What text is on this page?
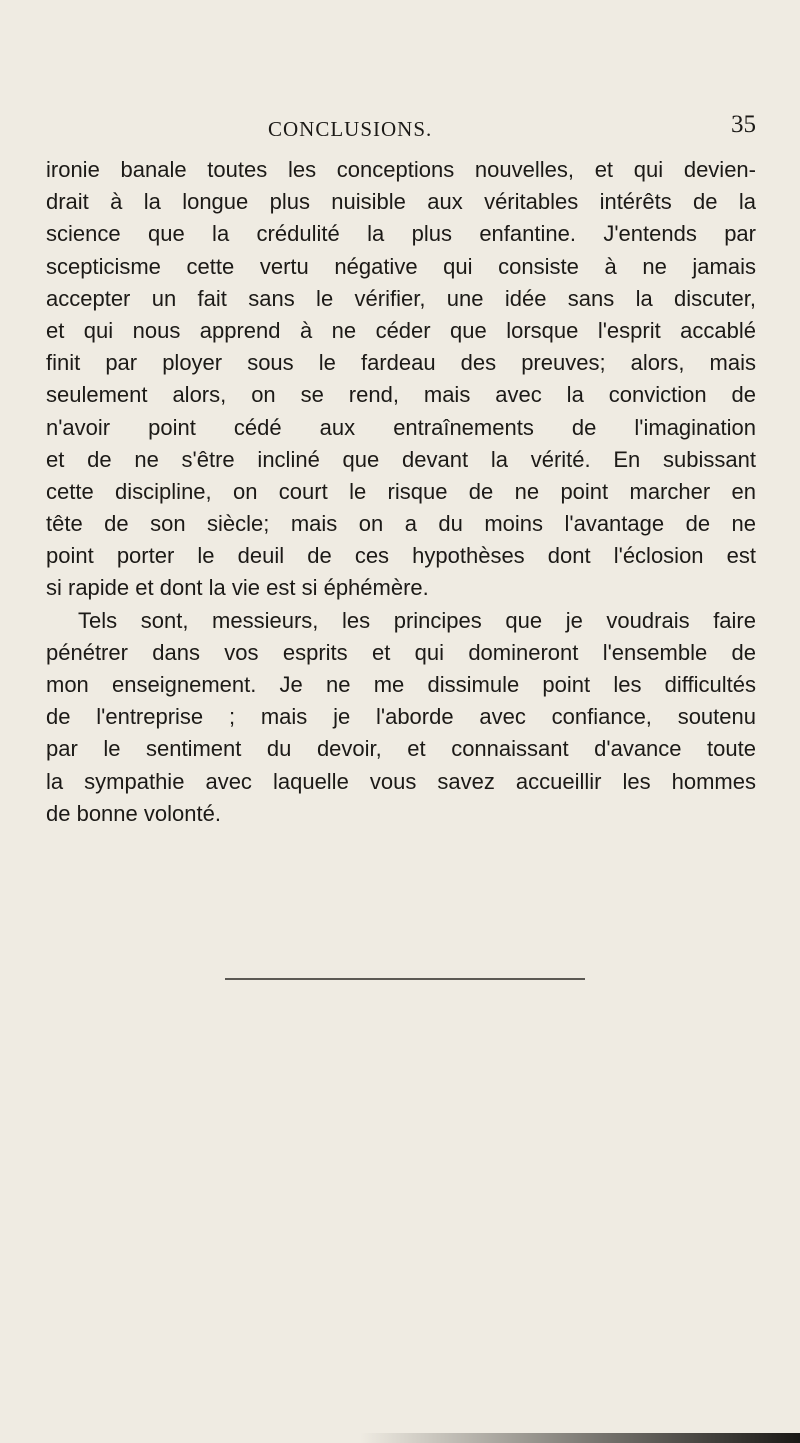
CONCLUSIONS.	35
ironie banale toutes les conceptions nouvelles, et qui devien-
drait à la longue plus nuisible aux véritables intérêts de la
science que la crédulité la plus enfantine. J'entends par
scepticisme cette vertu négative qui consiste à ne jamais
accepter un fait sans le vérifier, une idée sans la discuter,
et qui nous apprend à ne céder que lorsque l'esprit accablé
finit par ployer sous le fardeau des preuves; alors, mais
seulement alors, on se rend, mais avec la conviction de
n'avoir point cédé aux entraînements de l'imagination
et de ne s'être incliné que devant la vérité. En subissant
cette discipline, on court le risque de ne point marcher en
tête de son siècle; mais on a du moins l'avantage de ne
point porter le deuil de ces hypothèses dont l'éclosion est
si rapide et dont la vie est si éphémère.
Tels sont, messieurs, les principes que je voudrais faire
pénétrer dans vos esprits et qui domineront l'ensemble de
mon enseignement. Je ne me dissimule point les difficultés
de l'entreprise ; mais je l'aborde avec confiance, soutenu
par le sentiment du devoir, et connaissant d'avance toute
la sympathie avec laquelle vous savez accueillir les hommes
de bonne volonté.
